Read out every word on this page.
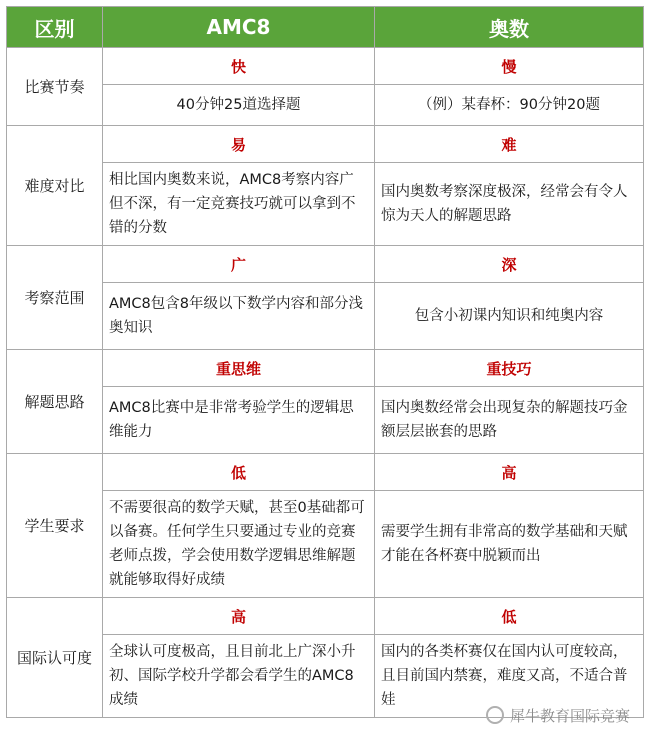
区别	AMC8	奥数
比赛节奏	快	慢
	40分钟25道选择题	（例）某春杯：90分钟20题
难度对比	易	难
	相比国内奥数来说，AMC8考察内容广但不深，有一定竞赛技巧就可以拿到不错的分数	国内奥数考察深度极深，经常会有令人惊为天人的解题思路
考察范围	广	深
	AMC8包含8年级以下数学内容和部分浅奥知识	包含小初课内知识和纯奥内容
解题思路	重思维	重技巧
	AMC8比赛中是非常考验学生的逻辑思维能力	国内奥数经常会出现复杂的解题技巧金额层层嵌套的思路
学生要求	低	高
	不需要很高的数学天赋，甚至0基础都可以备赛。任何学生只要通过专业的竞赛老师点拨，学会使用数学逻辑思维解题就能够取得好成绩	需要学生拥有非常高的数学基础和天赋才能在各杯赛中脱颖而出
国际认可度	高	低
	全球认可度极高，且目前北上广深小升初、国际学校升学都会看学生的AMC8成绩	国内的各类杯赛仅在国内认可度较高，且目前国内禁赛，难度又高，不适合普娃
犀牛教育国际竞赛
